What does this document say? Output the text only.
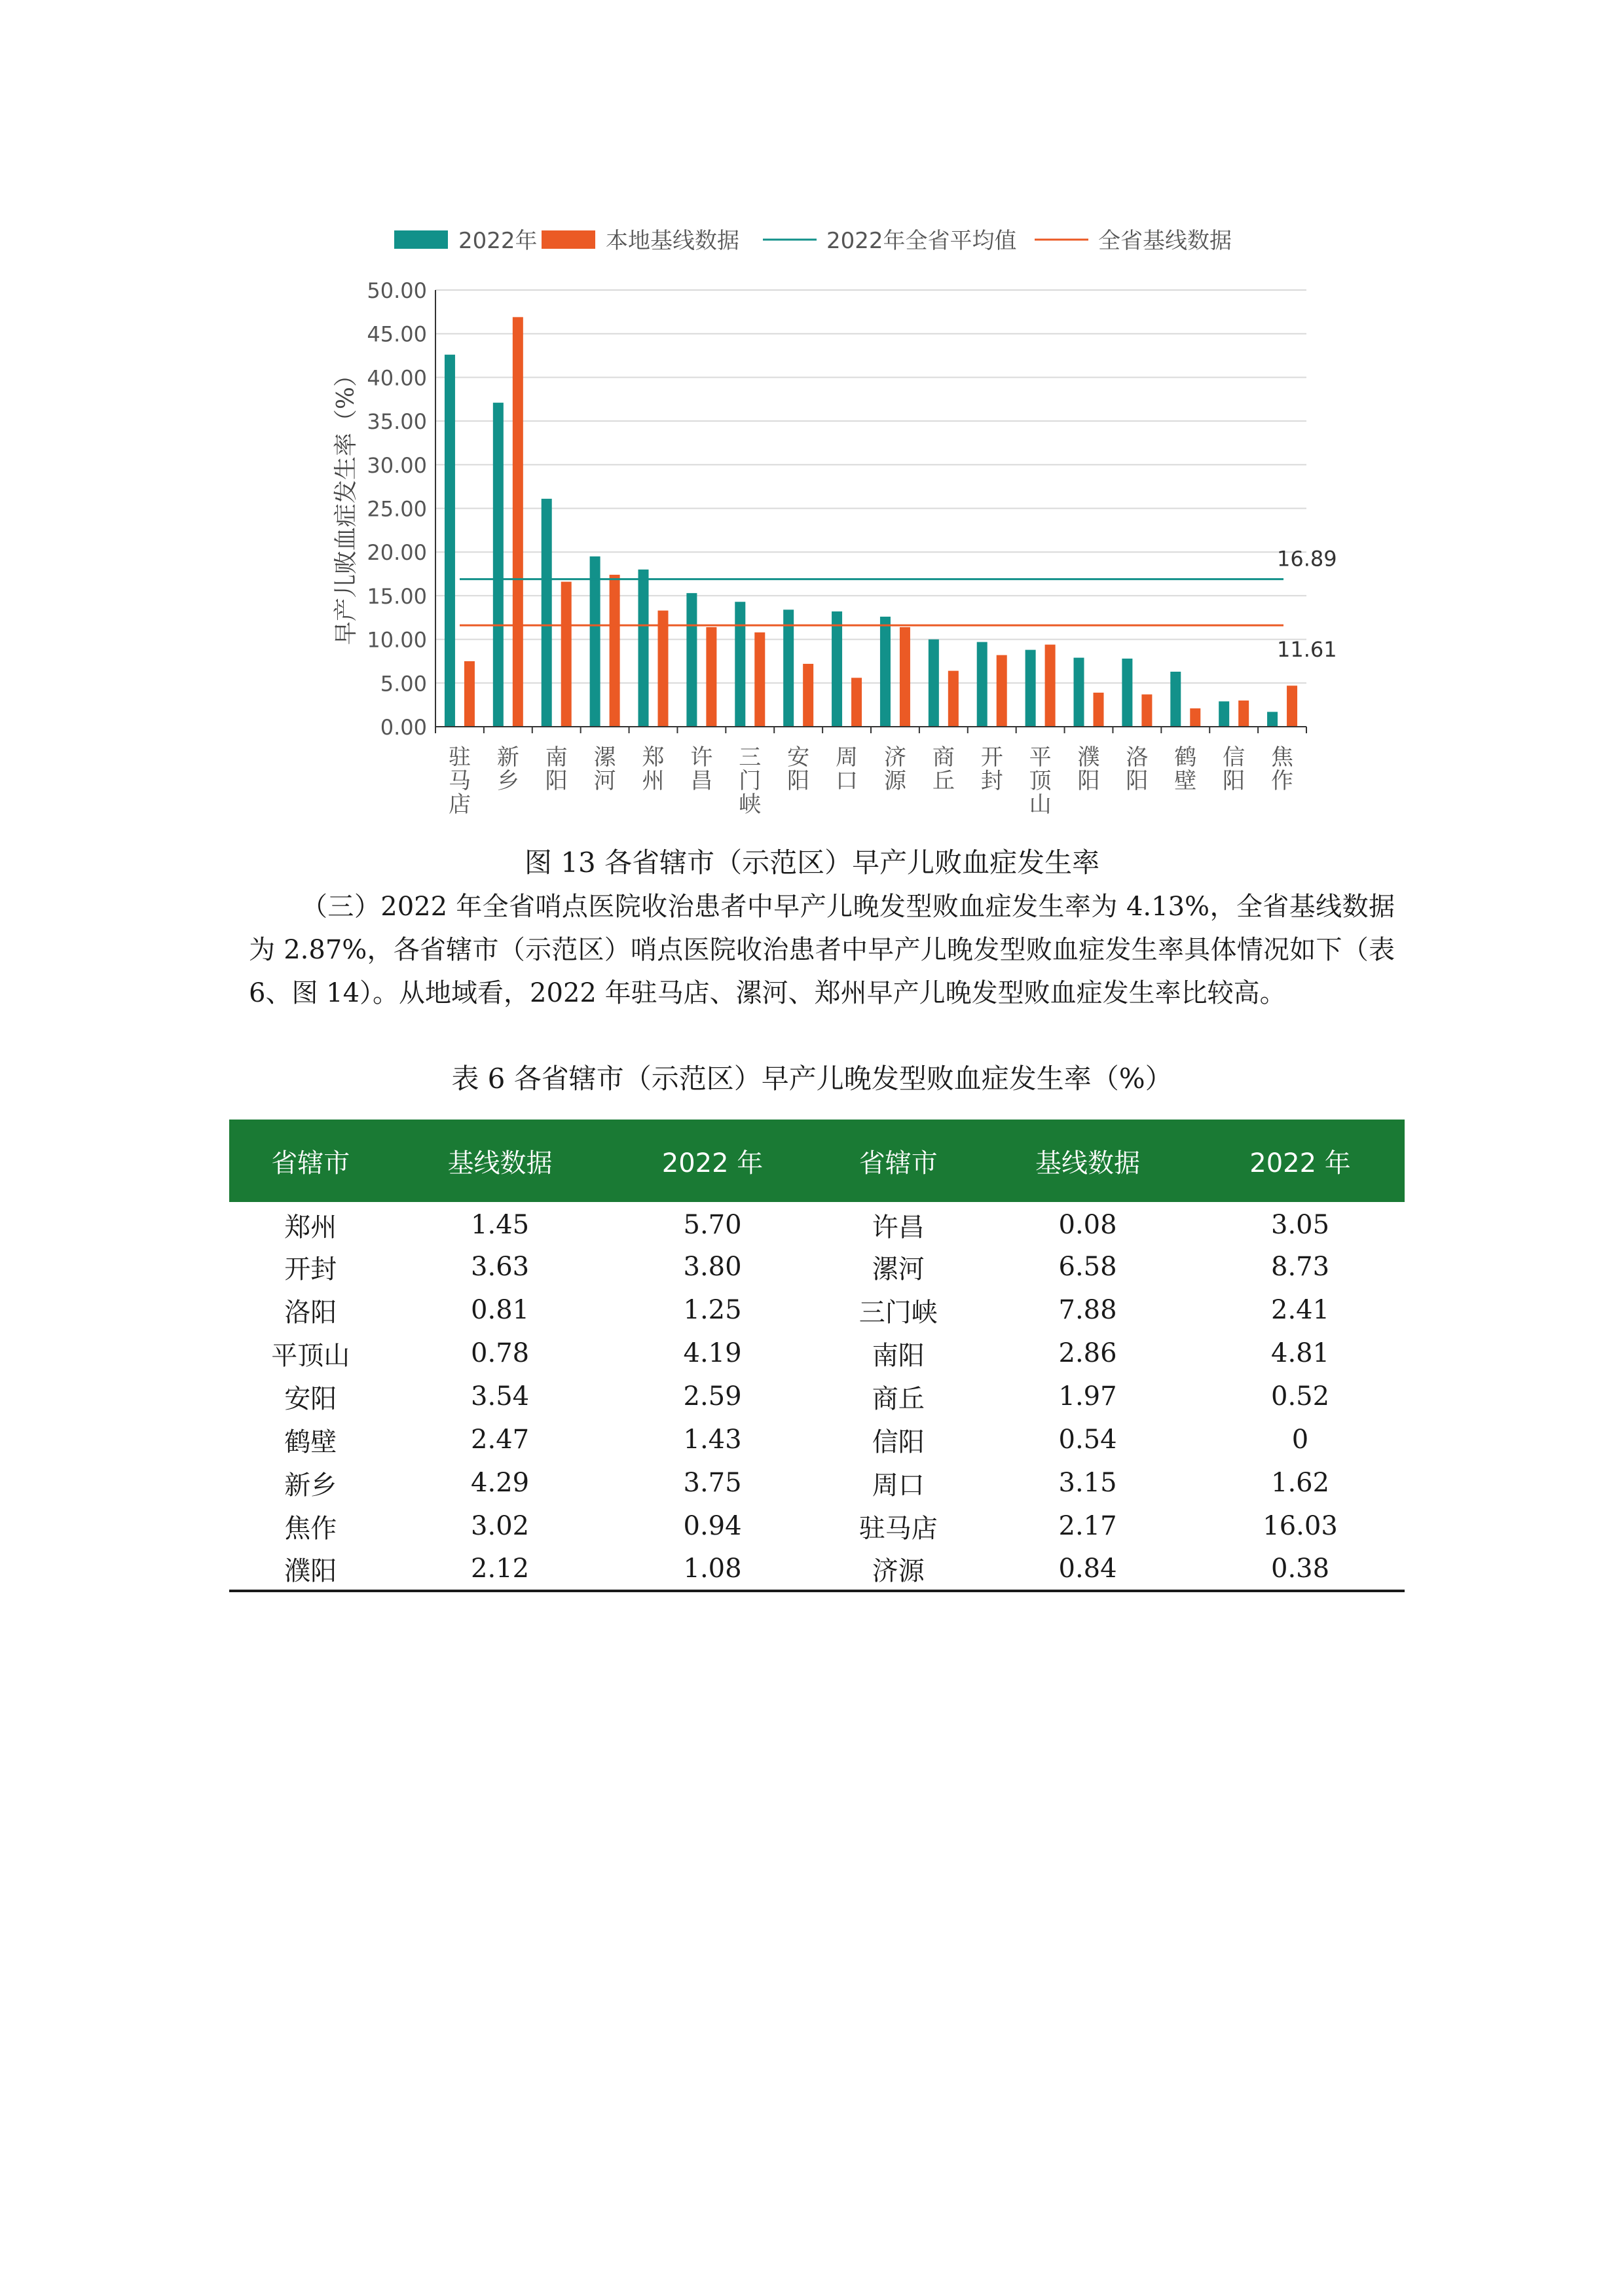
2022年	本地基线数据	2022年全省平均值	全省基线数据
0.00
5.00
10.00
15.00
20.00
25.00
30.00
35.00
40.00
45.00
50.00
16.89
11.61
驻马店
新乡
南阳
漯河
郑州
许昌
三门峡
安阳
周口
济源
商丘
开封
平顶山
濮阳
洛阳
鹤壁
信阳
焦作
早产儿败血症发生率（%）
图 13 各省辖市（示范区）早产儿败血症发生率

（三）2022 年全省哨点医院收治患者中早产儿晚发型败血症发生率为 4.13%，全省基线数据为 2.87%，各省辖市（示范区）哨点医院收治患者中早产儿晚发型败血症发生率具体情况如下（表 6、图 14）。从地域看，2022 年驻马店、漯河、郑州早产儿晚发型败血症发生率比较高。

表 6 各省辖市（示范区）早产儿晚发型败血症发生率（%）
省辖市	基线数据	2022 年	省辖市	基线数据	2022 年
郑州	1.45	5.70	许昌	0.08	3.05
开封	3.63	3.80	漯河	6.58	8.73
洛阳	0.81	1.25	三门峡	7.88	2.41
平顶山	0.78	4.19	南阳	2.86	4.81
安阳	3.54	2.59	商丘	1.97	0.52
鹤壁	2.47	1.43	信阳	0.54	0
新乡	4.29	3.75	周口	3.15	1.62
焦作	3.02	0.94	驻马店	2.17	16.03
濮阳	2.12	1.08	济源	0.84	0.38
